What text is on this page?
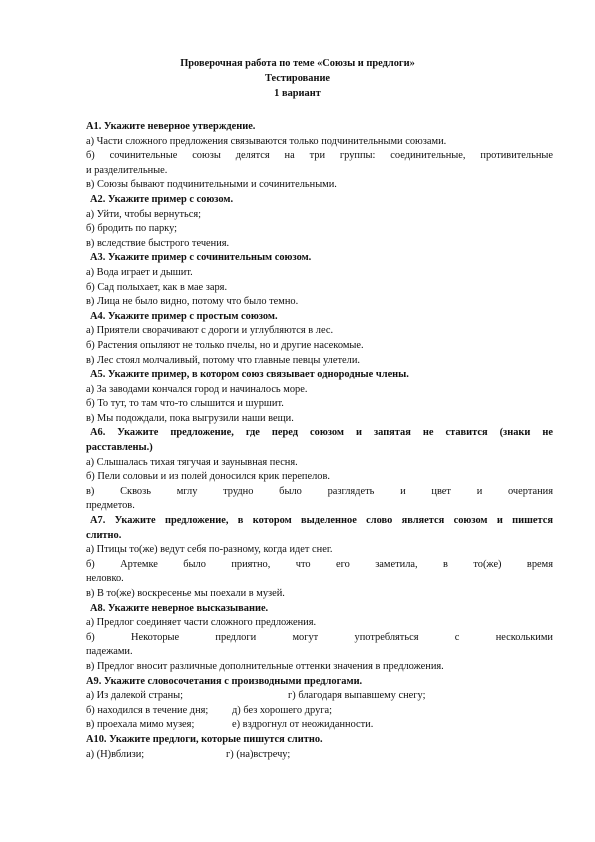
Проверочная работа по теме «Союзы и предлоги»
Тестирование
1 вариант
А1. Укажите неверное утверждение.
а) Части сложного предложения связываются только подчинительными союзами.
б) сочинительные союзы делятся на три группы: соединительные, противительные
и разделительные.
в) Союзы бывают подчинительными и сочинительными.
А2. Укажите пример с союзом.
а) Уйти, чтобы вернуться;
б) бродить по парку;
в) вследствие быстрого течения.
А3. Укажите пример с сочинительным союзом.
а) Вода играет и дышит.
б) Сад полыхает, как в мае заря.
в) Лица не было видно, потому что было темно.
А4. Укажите пример с простым союзом.
а) Приятели сворачивают с дороги и углубляются в лес.
б) Растения опыляют не только пчелы, но и другие насекомые.
в) Лес стоял молчаливый, потому что главные певцы улетели.
А5. Укажите пример, в котором союз связывает однородные члены.
а) За заводами кончался город и начиналось море.
б) То тут, то там что-то слышится и шуршит.
в) Мы подождали, пока выгрузили наши вещи.
А6. Укажите предложение, где перед союзом и запятая не ставится (знаки не
расставлены.)
а) Слышалась тихая тягучая и заунывная песня.
б) Пели соловьи и из полей доносился крик перепелов.
в) Сквозь мглу трудно было разглядеть и цвет и очертания
предметов.
А7. Укажите предложение, в котором выделенное слово является союзом и пишется
слитно.
а) Птицы то(же) ведут себя по-разному, когда идет снег.
б) Артемке было приятно, что его заметила, в то(же) время
неловко.
в) В то(же) воскресенье мы поехали в музей.
А8. Укажите неверное высказывание.
а) Предлог соединяет части сложного предложения.
б) Некоторые предлоги могут употребляться с несколькими
падежами.
в) Предлог вносит различные дополнительные оттенки значения в предложения.
А9. Укажите словосочетания с производными предлогами.
а) Из далекой страны;	г) благодаря выпавшему снегу;
б) находился в течение дня;	д) без хорошего друга;
в) проехала мимо музея;	е) вздрогнул от неожиданности.
А10. Укажите предлоги, которые пишутся слитно.
а) (Н)вблизи;	г) (на)встречу;
